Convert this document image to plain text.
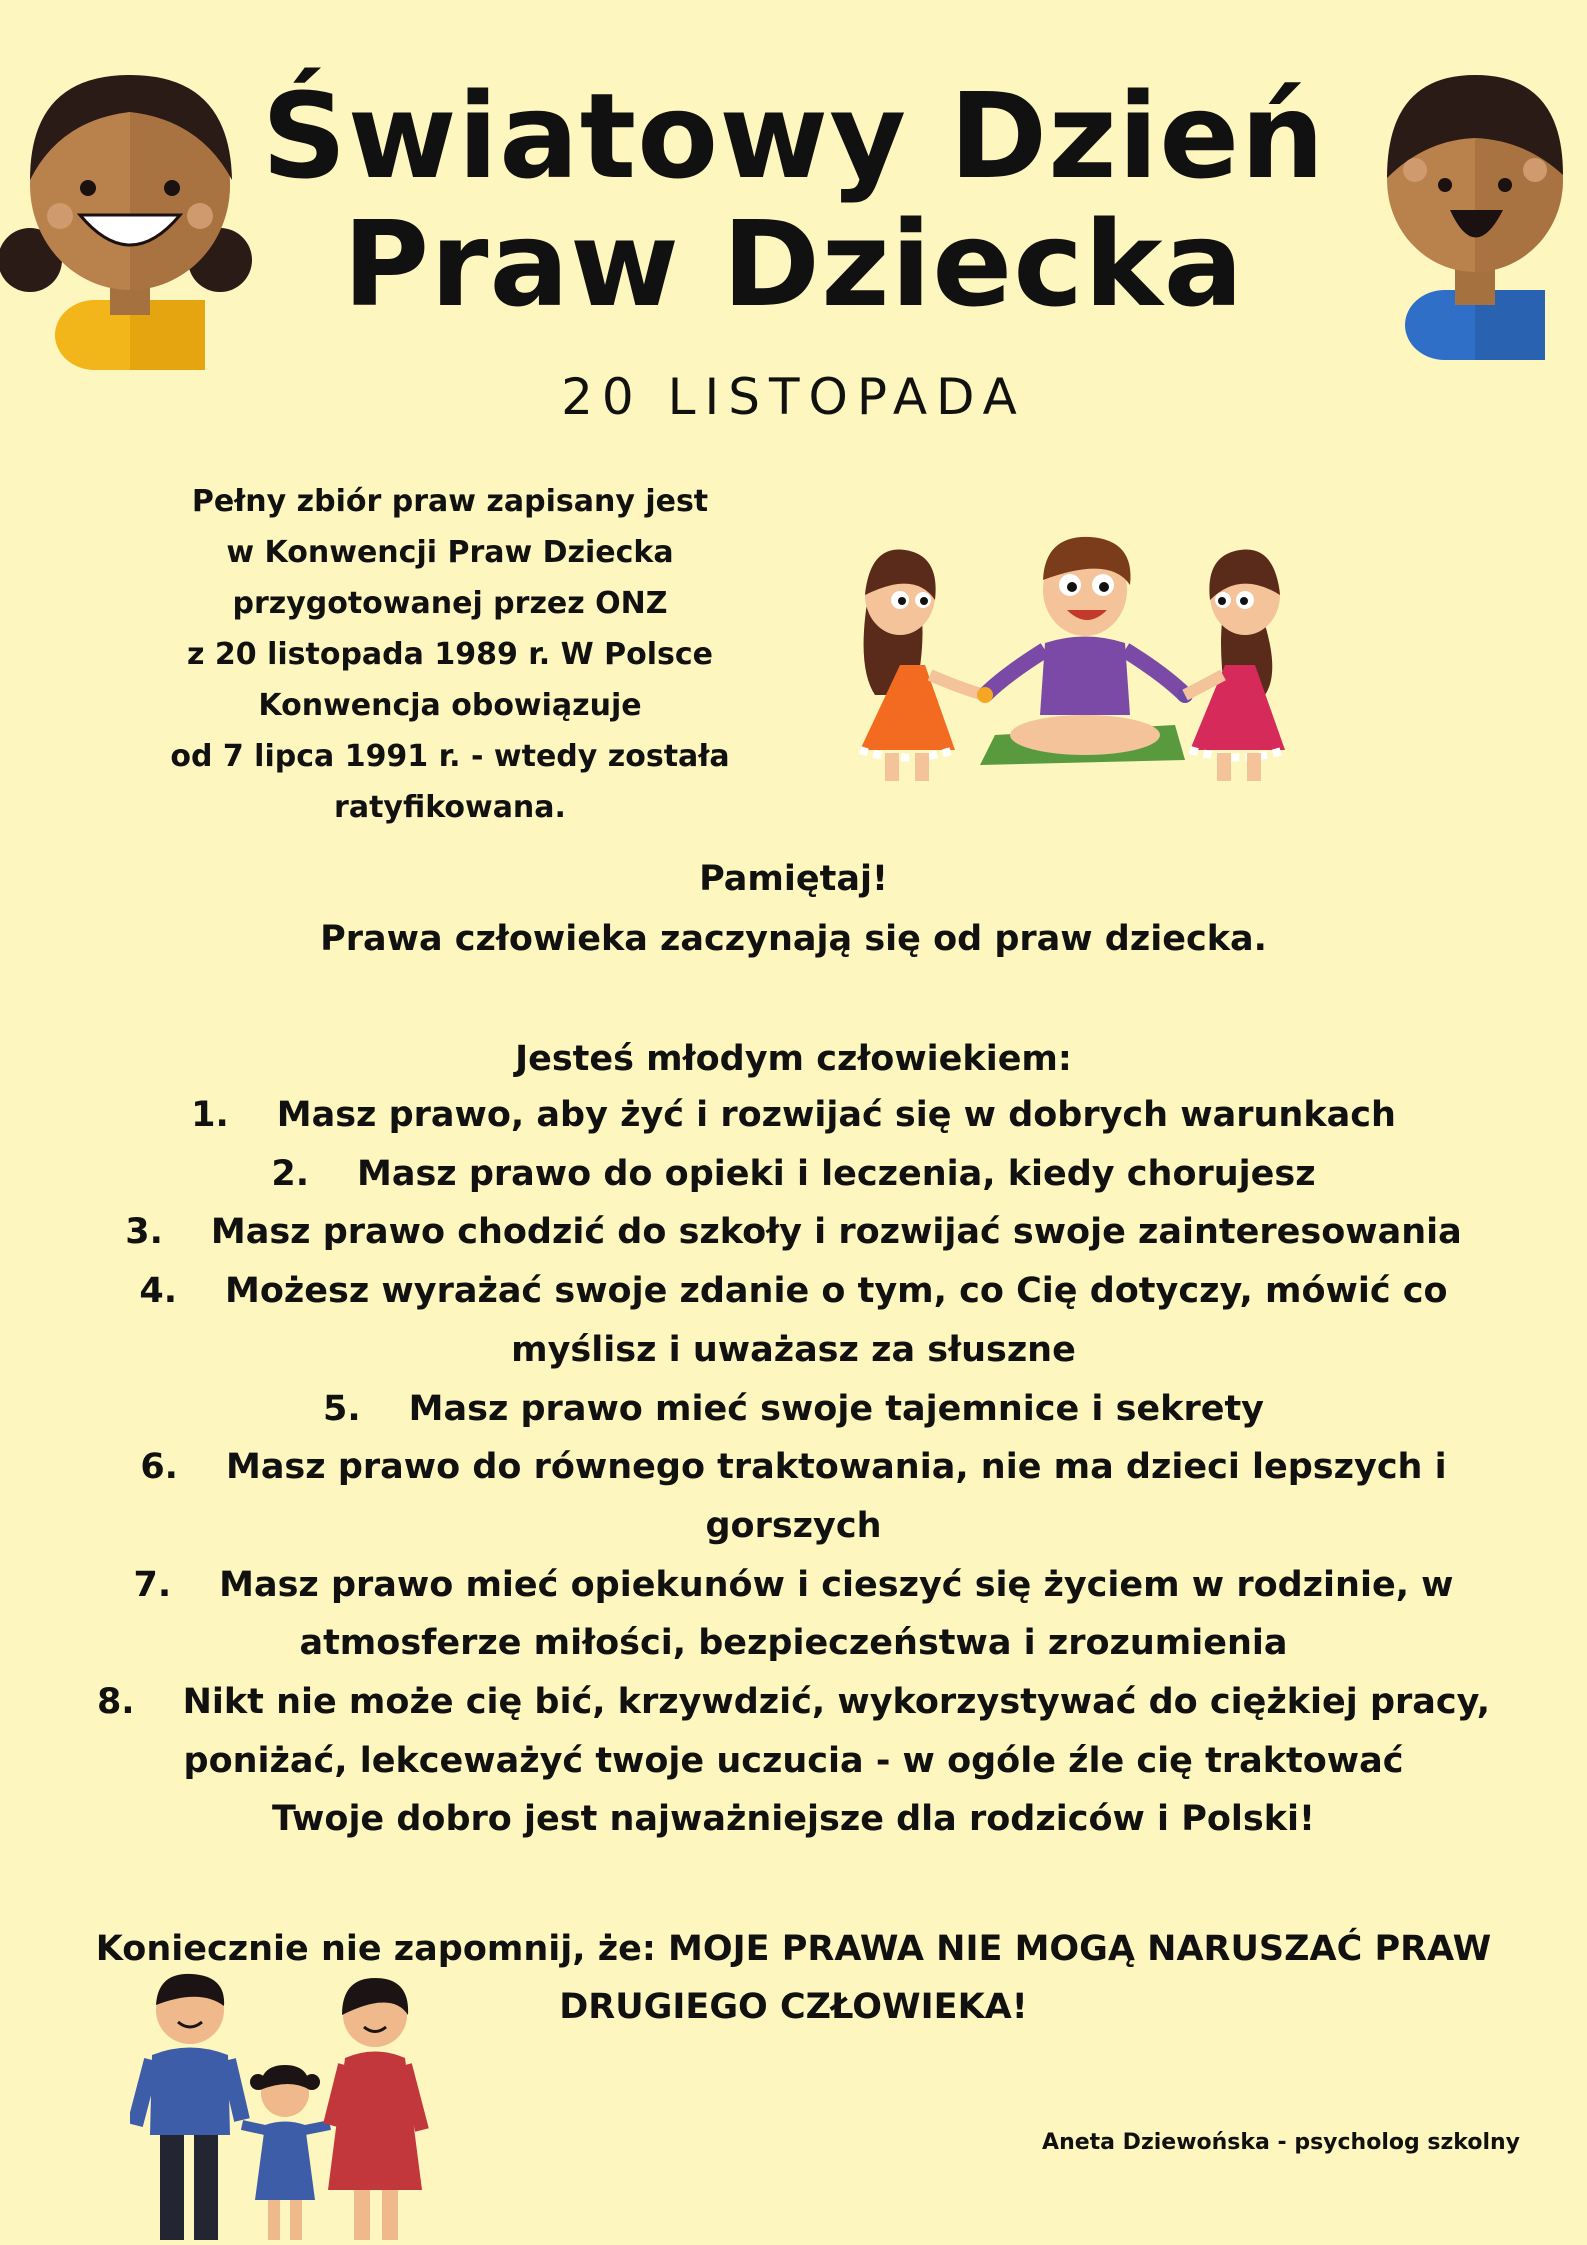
Światowy Dzień
Praw Dziecka
20 LISTOPADA
Pełny zbiór praw zapisany jest
w Konwencji Praw Dziecka
przygotowanej przez ONZ
z 20 listopada 1989 r. W Polsce
Konwencja obowiązuje
od 7 lipca 1991 r. - wtedy została
ratyfikowana.
Pamiętaj!
Prawa człowieka zaczynają się od praw dziecka.
Jesteś młodym człowiekiem:
1. Masz prawo, aby żyć i rozwijać się w dobrych warunkach
2. Masz prawo do opieki i leczenia, kiedy chorujesz
3. Masz prawo chodzić do szkoły i rozwijać swoje zainteresowania
4. Możesz wyrażać swoje zdanie o tym, co Cię dotyczy, mówić co myślisz i uważasz za słuszne
5. Masz prawo mieć swoje tajemnice i sekrety
6. Masz prawo do równego traktowania, nie ma dzieci lepszych i gorszych
7. Masz prawo mieć opiekunów i cieszyć się życiem w rodzinie, w atmosferze miłości, bezpieczeństwa i zrozumienia
8. Nikt nie może cię bić, krzywdzić, wykorzystywać do ciężkiej pracy, poniżać, lekceważyć twoje uczucia - w ogóle źle cię traktować
Twoje dobro jest najważniejsze dla rodziców i Polski!
Koniecznie nie zapomnij, że: MOJE PRAWA NIE MOGĄ NARUSZAĆ PRAW DRUGIEGO CZŁOWIEKA!
Aneta Dziewońska - psycholog szkolny
